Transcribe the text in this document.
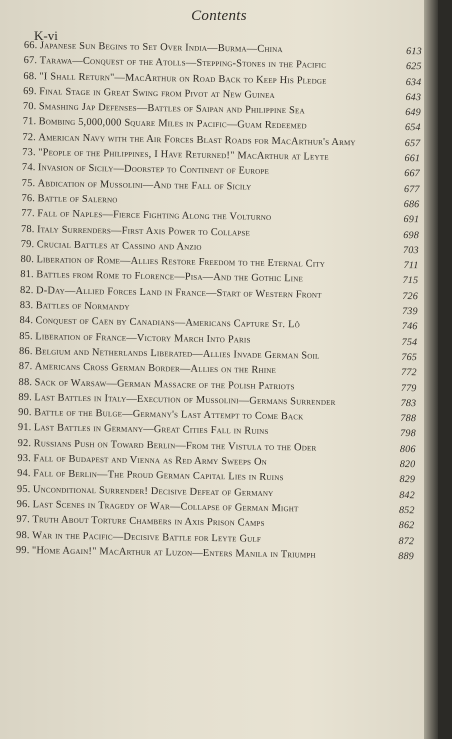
Contents
K-vi
66. Japanese Sun Begins to Set Over India—Burma—China	613
67. Tarawa—Conquest of the Atolls—Stepping-Stones in the Pacific	625
68. "I Shall Return"—MacArthur on Road Back to Keep His Pledge	634
69. Final Stage in Great Swing from Pivot at New Guinea	643
70. Smashing Jap Defenses—Battles of Saipan and Philippine Sea	649
71. Bombing 5,000,000 Square Miles in Pacific—Guam Redeemed	654
72. American Navy with the Air Forces Blast Roads for MacArthur's Army	657
73. "People of the Philippines, I Have Returned!" MacArthur at Leyte	661
74. Invasion of Sicily—Doorstep to Continent of Europe	667
75. Abdication of Mussolini—And the Fall of Sicily	677
76. Battle of Salerno	686
77. Fall of Naples—Fierce Fighting Along the Volturno	691
78. Italy Surrenders—First Axis Power to Collapse	698
79. Crucial Battles at Cassino and Anzio	703
80. Liberation of Rome—Allies Restore Freedom to the Eternal City	711
81. Battles from Rome to Florence—Pisa—And the Gothic Line	715
82. D-Day—Allied Forces Land in France—Start of Western Front	726
83. Battles of Normandy	739
84. Conquest of Caen by Canadians—Americans Capture St. Lô	746
85. Liberation of France—Victory March Into Paris	754
86. Belgium and Netherlands Liberated—Allies Invade German Soil	765
87. Americans Cross German Border—Allies on the Rhine	772
88. Sack of Warsaw—German Massacre of the Polish Patriots	779
89. Last Battles in Italy—Execution of Mussolini—Germans Surrender	783
90. Battle of the Bulge—Germany's Last Attempt to Come Back	788
91. Last Battles in Germany—Great Cities Fall in Ruins	798
92. Russians Push on Toward Berlin—From the Vistula to the Oder	806
93. Fall of Budapest and Vienna as Red Army Sweeps On	820
94. Fall of Berlin—The Proud German Capital Lies in Ruins	829
95. Unconditional Surrender! Decisive Defeat of Germany	842
96. Last Scenes in Tragedy of War—Collapse of German Might	852
97. Truth About Torture Chambers in Axis Prison Camps	862
98. War in the Pacific—Decisive Battle for Leyte Gulf	872
99. "Home Again!" MacArthur at Luzon—Enters Manila in Triumph	889
